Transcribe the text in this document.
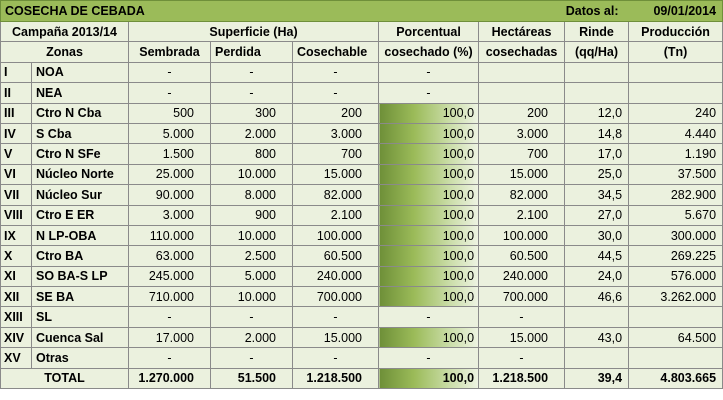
COSECHA DE CEBADA						Datos al:		09/01/2014
Campaña 2013/14		Superficie (Ha)			Porcentual	Hectáreas	Rinde	Producción
Zonas		Sembrada	Perdida	Cosechable	cosechado (%)	cosechadas	(qq/Ha)	(Tn)
I	NOA	-	-	-	-			
II	NEA	-	-	-	-			
III	Ctro N Cba	500	300	200	100,0	200	12,0	240
IV	S Cba	5.000	2.000	3.000	100,0	3.000	14,8	4.440
V	Ctro N SFe	1.500	800	700	100,0	700	17,0	1.190
VI	Núcleo Norte	25.000	10.000	15.000	100,0	15.000	25,0	37.500
VII	Núcleo Sur	90.000	8.000	82.000	100,0	82.000	34,5	282.900
VIII	Ctro E ER	3.000	900	2.100	100,0	2.100	27,0	5.670
IX	N LP-OBA	110.000	10.000	100.000	100,0	100.000	30,0	300.000
X	Ctro BA	63.000	2.500	60.500	100,0	60.500	44,5	269.225
XI	SO BA-S LP	245.000	5.000	240.000	100,0	240.000	24,0	576.000
XII	SE BA	710.000	10.000	700.000	100,0	700.000	46,6	3.262.000
XIII	SL	-	-	-	-	-		
XIV	Cuenca Sal	17.000	2.000	15.000	100,0	15.000	43,0	64.500
XV	Otras	-	-	-	-	-		
TOTAL		1.270.000	51.500	1.218.500	100,0	1.218.500	39,4	4.803.665
